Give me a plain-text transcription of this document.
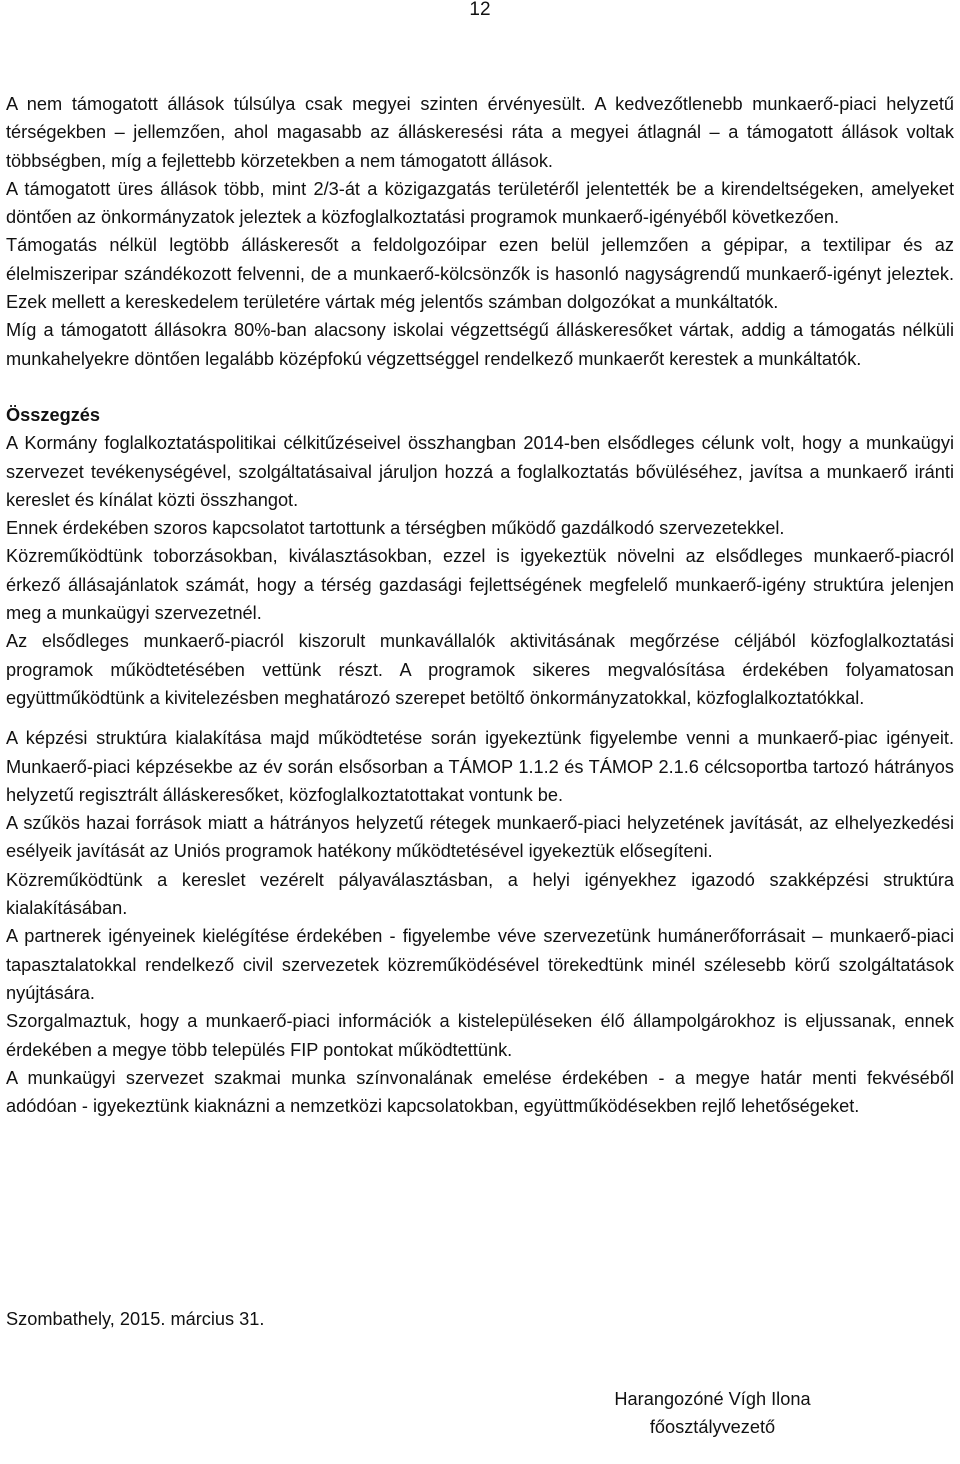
12

A nem támogatott állások túlsúlya csak megyei szinten érvényesült. A kedvezőtlenebb munkaerő-piaci helyzetű térségekben – jellemzően, ahol magasabb az álláskeresési ráta a megyei átlagnál – a támogatott állások voltak többségben, míg a fejlettebb körzetekben a nem támogatott állások.

A támogatott üres állások több, mint 2/3-át a közigazgatás területéről jelentették be a kirendeltségeken, amelyeket döntően az önkormányzatok jeleztek a közfoglalkoztatási programok munkaerő-igényéből következően.

Támogatás nélkül legtöbb álláskeresőt a feldolgozóipar ezen belül jellemzően a gépipar, a textilipar és az élelmiszeripar szándékozott felvenni, de a munkaerő-kölcsönzők is hasonló nagyságrendű munkaerő-igényt jeleztek. Ezek mellett a kereskedelem területére vártak még jelentős számban dolgozókat a munkáltatók.

Míg a támogatott állásokra 80%-ban alacsony iskolai végzettségű álláskeresőket vártak, addig a támogatás nélküli munkahelyekre döntően legalább középfokú végzettséggel rendelkező munkaerőt kerestek a munkáltatók.

Összegzés

A Kormány foglalkoztatáspolitikai célkitűzéseivel összhangban 2014-ben elsődleges célunk volt, hogy a munkaügyi szervezet tevékenységével, szolgáltatásaival járuljon hozzá a foglalkoztatás bővüléséhez, javítsa a munkaerő iránti kereslet és kínálat közti összhangot.

Ennek érdekében szoros kapcsolatot tartottunk a térségben működő gazdálkodó szervezetekkel.

Közreműködtünk toborzásokban, kiválasztásokban, ezzel is igyekeztük növelni az elsődleges munkaerő-piacról érkező állásajánlatok számát, hogy a térség gazdasági fejlettségének megfelelő munkaerő-igény struktúra jelenjen meg a munkaügyi szervezetnél.

Az elsődleges munkaerő-piacról kiszorult munkavállalók aktivitásának megőrzése céljából közfoglalkoztatási programok működtetésében vettünk részt. A programok sikeres megvalósítása érdekében folyamatosan együttműködtünk a kivitelezésben meghatározó szerepet betöltő önkormányzatokkal, közfoglalkoztatókkal.

A képzési struktúra kialakítása majd működtetése során igyekeztünk figyelembe venni a munkaerő-piac igényeit. Munkaerő-piaci képzésekbe az év során elsősorban a TÁMOP 1.1.2 és TÁMOP 2.1.6 célcsoportba tartozó hátrányos helyzetű regisztrált álláskeresőket, közfoglalkoztatottakat vontunk be.

A szűkös hazai források miatt a hátrányos helyzetű rétegek munkaerő-piaci helyzetének javítását, az elhelyezkedési esélyeik javítását az Uniós programok hatékony működtetésével igyekeztük elősegíteni.

Közreműködtünk a kereslet vezérelt pályaválasztásban, a helyi igényekhez igazodó szakképzési struktúra kialakításában.

A partnerek igényeinek kielégítése érdekében - figyelembe véve szervezetünk humánerőforrásait – munkaerő-piaci tapasztalatokkal rendelkező civil szervezetek közreműködésével törekedtünk minél szélesebb körű szolgáltatások nyújtására.

Szorgalmaztuk, hogy a munkaerő-piaci információk a kistelepüléseken élő állampolgárokhoz is eljussanak, ennek érdekében a megye több település FIP pontokat működtettünk.

A munkaügyi szervezet szakmai munka színvonalának emelése érdekében - a megye határ menti fekvéséből adódóan - igyekeztünk kiaknázni a nemzetközi kapcsolatokban, együttműködésekben rejlő lehetőségeket.

Szombathely, 2015. március 31.
Harangozóné Vígh Ilona
főosztályvezető
